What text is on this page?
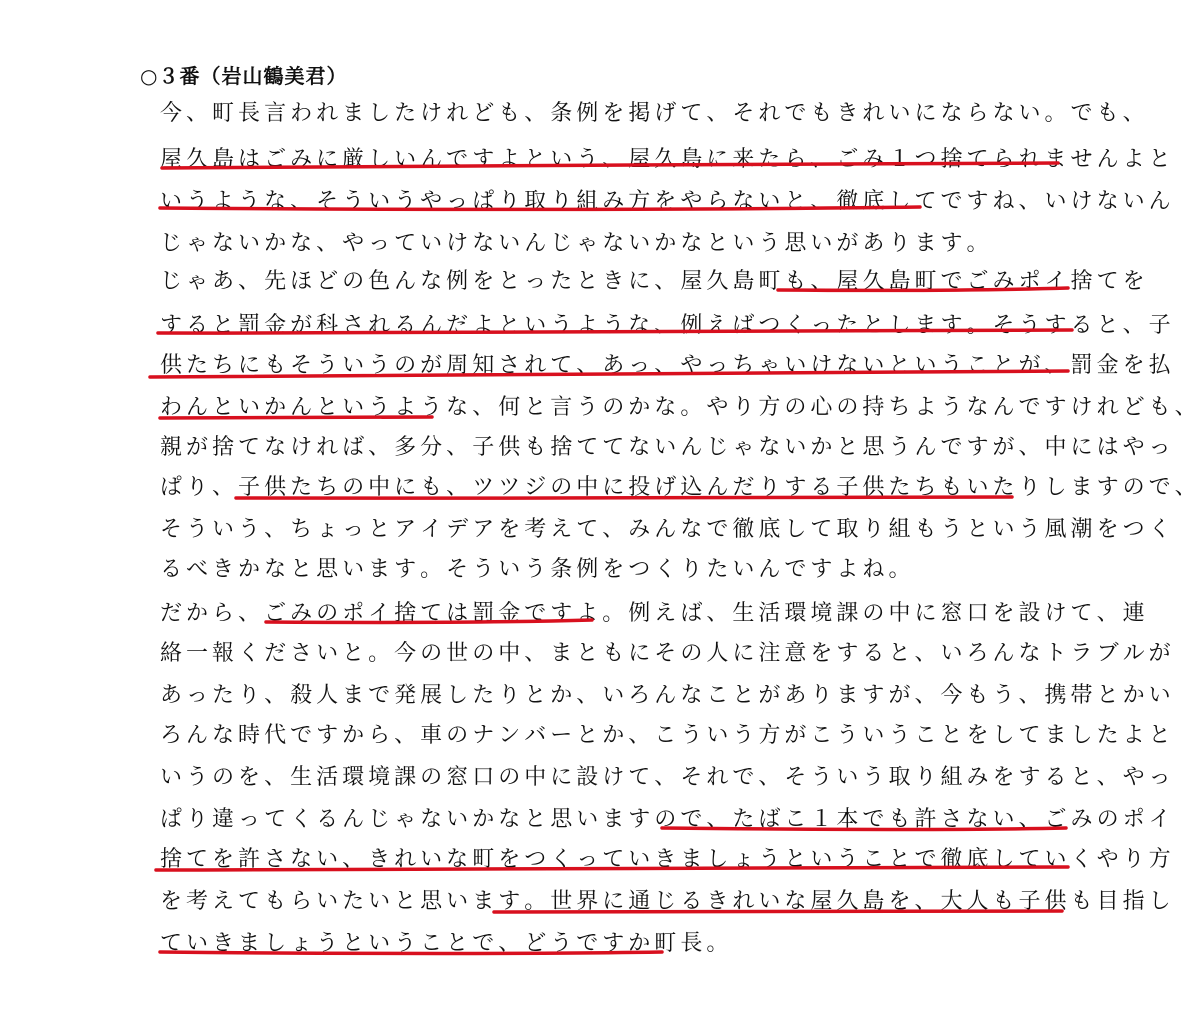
○３番（岩山鶴美君）
今 、 町 長 言 わ れ ま し た け れ ど も 、 条 例 を 掲 げ て 、 そ れ で も き れ い に な ら な い 。 で も 、
屋 久 島 は ご み に 厳 し い ん で す よ と い う 、 屋 久 島 に 来 た ら 、 ご み １ つ 捨 て ら れ ま せ ん よ と
い う よ う な 、 そ う い う や っ ぱ り 取 り 組 み 方 を や ら な い と 、 徹 底 し て で す ね 、 い け な い ん
じ ゃ な い か な 、 や っ て い け な い ん じ ゃ な い か な と い う 思 い が あ り ま す 。
じ ゃ あ 、 先 ほ ど の 色 ん な 例 を と っ た と き に 、 屋 久 島 町 も 、 屋 久 島 町 で ご み ポ イ 捨 て を
す る と 罰 金 が 科 さ れ る ん だ よ と い う よ う な 、 例 え ば つ く っ た と し ま す 。 そ う す る と 、 子
供 た ち に も そ う い う の が 周 知 さ れ て 、 あ っ 、 や っ ち ゃ い け な い と い う こ と が 、 罰 金 を 払
わ ん と い か ん と い う よ う な 、 何 と 言 う の か な 。 や り 方 の 心 の 持 ち よ う な ん で す け れ ど も 、
親 が 捨 て な け れ ば 、 多 分 、 子 供 も 捨 て て な い ん じ ゃ な い か と 思 う ん で す が 、 中 に は や っ
ぱ り 、 子 供 た ち の 中 に も 、 ツ ツ ジ の 中 に 投 げ 込 ん だ り す る 子 供 た ち も い た り し ま す の で 、
そ う い う 、 ち ょ っ と ア イ デ ア を 考 え て 、 み ん な で 徹 底 し て 取 り 組 も う と い う 風 潮 を つ く
る べ き か な と 思 い ま す 。 そ う い う 条 例 を つ く り た い ん で す よ ね 。
だ か ら 、 ご み の ポ イ 捨 て は 罰 金 で す よ 。 例 え ば 、 生 活 環 境 課 の 中 に 窓 口 を 設 け て 、 連
絡 一 報 く だ さ い と 。 今 の 世 の 中 、 ま と も に そ の 人 に 注 意 を す る と 、 い ろ ん な ト ラ ブ ル が
あ っ た り 、 殺 人 ま で 発 展 し た り と か 、 い ろ ん な こ と が あ り ま す が 、 今 も う 、 携 帯 と か い
ろ ん な 時 代 で す か ら 、 車 の ナ ン バ ー と か 、 こ う い う 方 が こ う い う こ と を し て ま し た よ と
い う の を 、 生 活 環 境 課 の 窓 口 の 中 に 設 け て 、 そ れ で 、 そ う い う 取 り 組 み を す る と 、 や っ
ぱ り 違 っ て く る ん じ ゃ な い か な と 思 い ま す の で 、 た ば こ １ 本 で も 許 さ な い 、 ご み の ポ イ
捨 て を 許 さ な い 、 き れ い な 町 を つ く っ て い き ま し ょ う と い う こ と で 徹 底 し て い く や り 方
を 考 え て も ら い た い と 思 い ま す 。 世 界 に 通 じ る き れ い な 屋 久 島 を 、 大 人 も 子 供 も 目 指 し
て い き ま し ょ う と い う こ と で 、 ど う で す か 町 長 。
